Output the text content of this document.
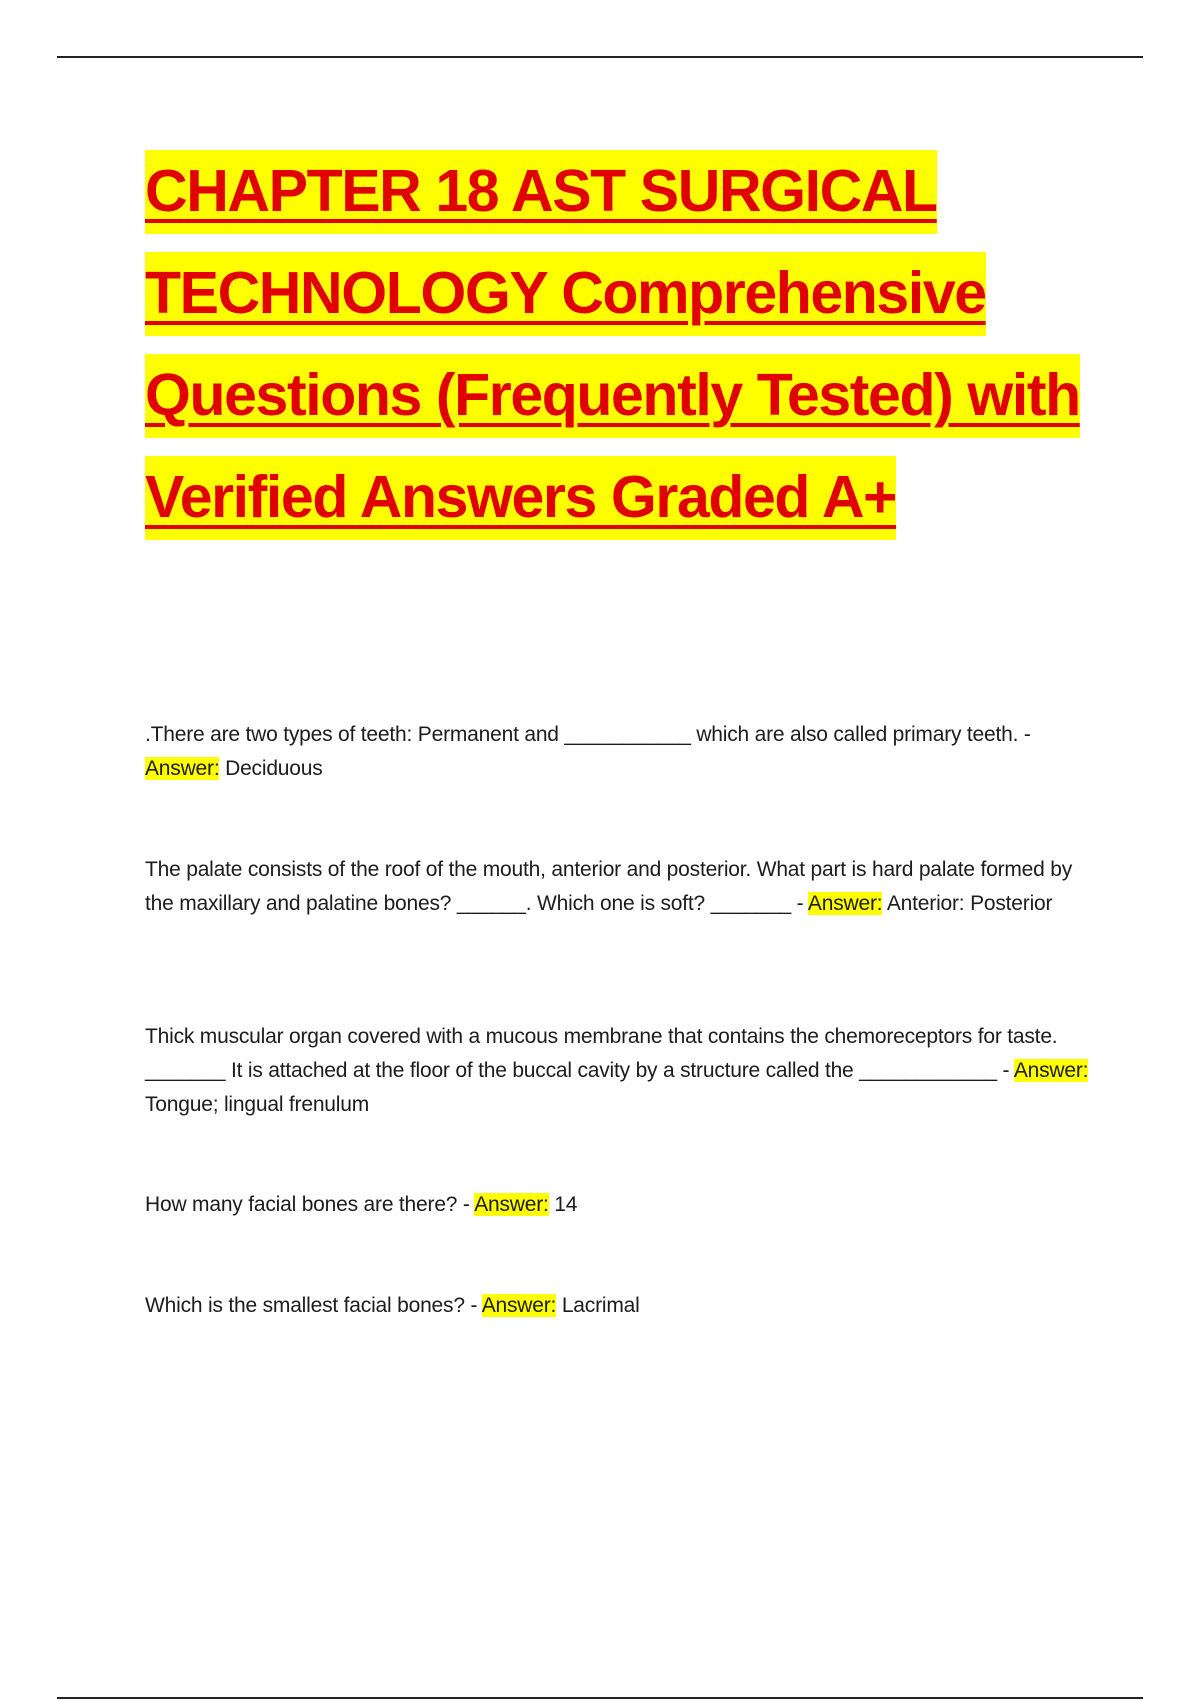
CHAPTER 18 AST SURGICAL TECHNOLOGY Comprehensive Questions (Frequently Tested) with Verified Answers Graded A+

.There are two types of teeth: Permanent and ___________ which are also called primary teeth. - Answer: Deciduous

The palate consists of the roof of the mouth, anterior and posterior. What part is hard palate formed by the maxillary and palatine bones? ______. Which one is soft? _______ - Answer: Anterior: Posterior

Thick muscular organ covered with a mucous membrane that contains the chemoreceptors for taste. _______ It is attached at the floor of the buccal cavity by a structure called the ____________ - Answer: Tongue; lingual frenulum

How many facial bones are there? - Answer: 14

Which is the smallest facial bones? - Answer: Lacrimal
